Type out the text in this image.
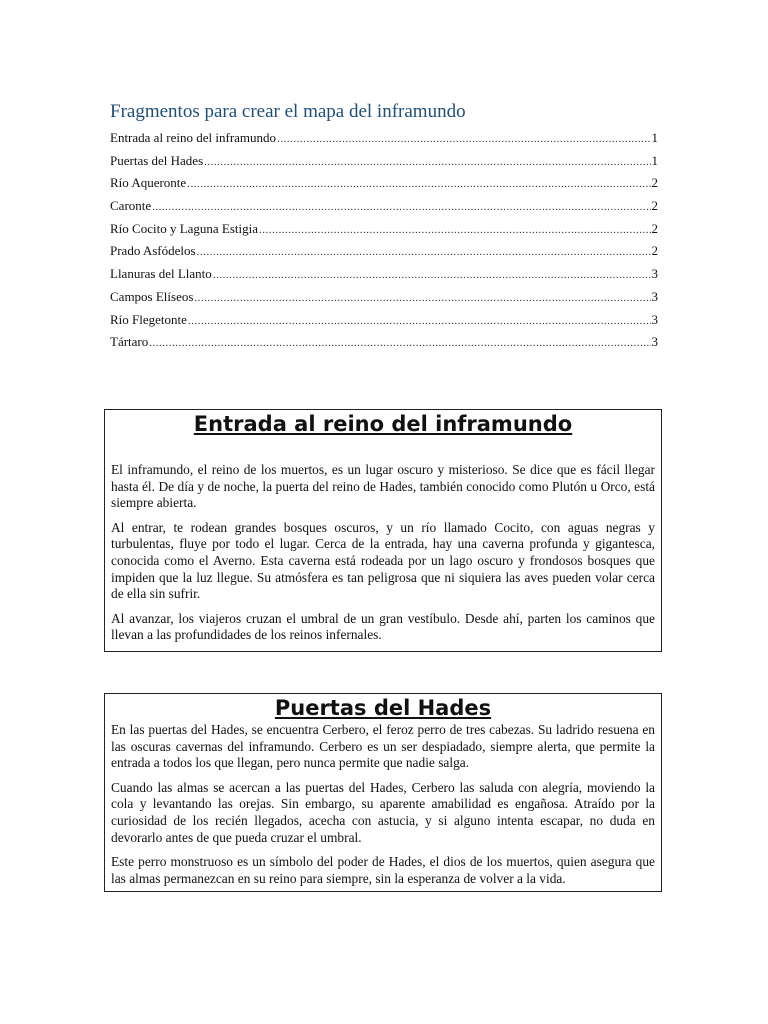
Fragmentos para crear el mapa del inframundo
Entrada al reino del inframundo .....	1
Puertas del Hades .....	1
Río Aqueronte .....	2
Caronte .....	2
Río Cocito y Laguna Estigia .....	2
Prado Asfódelos .....	2
Llanuras del Llanto .....	3
Campos Elíseos .....	3
Río Flegetonte .....	3
Tártaro .....	3
Entrada al reino del inframundo

El inframundo, el reino de los muertos, es un lugar oscuro y misterioso. Se dice que es fácil llegar hasta él. De día y de noche, la puerta del reino de Hades, también conocido como Plutón u Orco, está siempre abierta.

Al entrar, te rodean grandes bosques oscuros, y un río llamado Cocito, con aguas negras y turbulentas, fluye por todo el lugar. Cerca de la entrada, hay una caverna profunda y gigantesca, conocida como el Averno. Esta caverna está rodeada por un lago oscuro y frondosos bosques que impiden que la luz llegue. Su atmósfera es tan peligrosa que ni siquiera las aves pueden volar cerca de ella sin sufrir.

Al avanzar, los viajeros cruzan el umbral de un gran vestíbulo. Desde ahí, parten los caminos que llevan a las profundidades de los reinos infernales.

Puertas del Hades

En las puertas del Hades, se encuentra Cerbero, el feroz perro de tres cabezas. Su ladrido resuena en las oscuras cavernas del inframundo. Cerbero es un ser despiadado, siempre alerta, que permite la entrada a todos los que llegan, pero nunca permite que nadie salga.

Cuando las almas se acercan a las puertas del Hades, Cerbero las saluda con alegría, moviendo la cola y levantando las orejas. Sin embargo, su aparente amabilidad es engañosa. Atraído por la curiosidad de los recién llegados, acecha con astucia, y si alguno intenta escapar, no duda en devorarlo antes de que pueda cruzar el umbral.

Este perro monstruoso es un símbolo del poder de Hades, el dios de los muertos, quien asegura que las almas permanezcan en su reino para siempre, sin la esperanza de volver a la vida.
